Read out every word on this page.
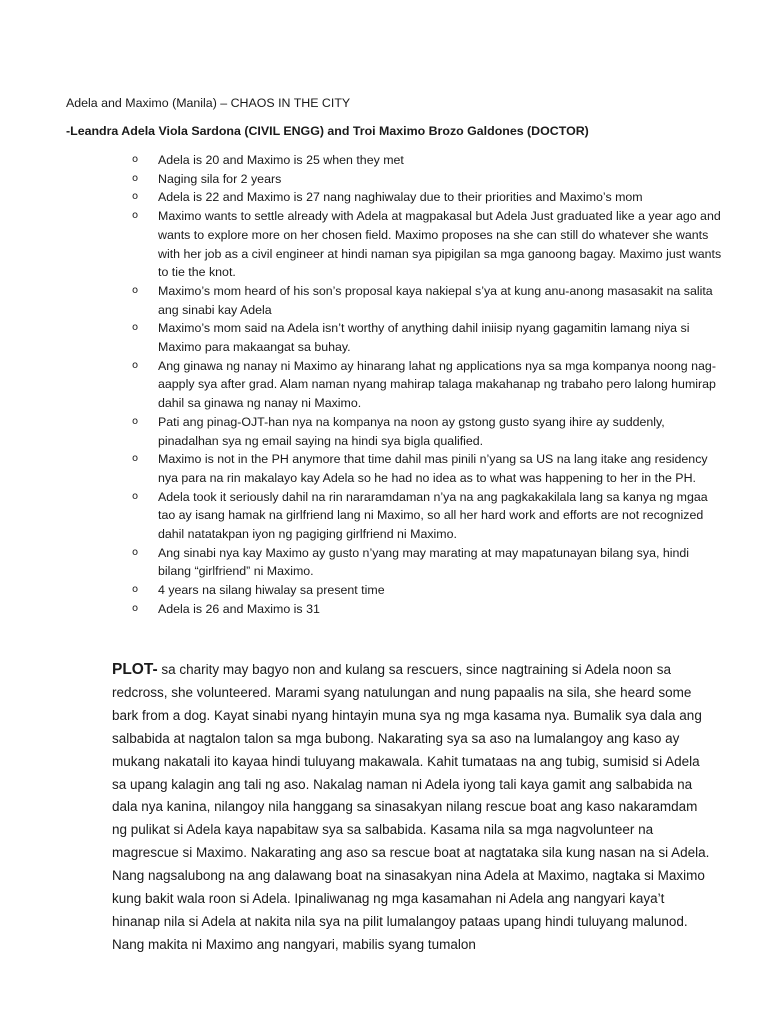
Adela and Maximo (Manila) – CHAOS IN THE CITY
-Leandra Adela Viola Sardona (CIVIL ENGG) and Troi Maximo Brozo Galdones (DOCTOR)
o Adela is 20 and Maximo is 25 when they met
o Naging sila for 2 years
o Adela is 22 and Maximo is 27 nang naghiwalay due to their priorities and Maximo’s mom
o Maximo wants to settle already with Adela at magpakasal but Adela Just graduated like a year ago and wants to explore more on her chosen field. Maximo proposes na she can still do whatever she wants with her job as a civil engineer at hindi naman sya pipigilan sa mga ganoong bagay. Maximo just wants to tie the knot.
o Maximo’s mom heard of his son’s proposal kaya nakiepal s’ya at kung anu-anong masasakit na salita ang sinabi kay Adela
o Maximo’s mom said na Adela isn’t worthy of anything dahil iniisip nyang gagamitin lamang niya si Maximo para makaangat sa buhay.
o Ang ginawa ng nanay ni Maximo ay hinarang lahat ng applications nya sa mga kompanya noong nag-aapply sya after grad. Alam naman nyang mahirap talaga makahanap ng trabaho pero lalong humirap dahil sa ginawa ng nanay ni Maximo.
o Pati ang pinag-OJT-han nya na kompanya na noon ay gstong gusto syang ihire ay suddenly, pinadalhan sya ng email saying na hindi sya bigla qualified.
o Maximo is not in the PH anymore that time dahil mas pinili n’yang sa US na lang itake ang residency nya para na rin makalayo kay Adela so he had no idea as to what was happening to her in the PH.
o Adela took it seriously dahil na rin nararamdaman n’ya na ang pagkakakilala lang sa kanya ng mgaa tao ay isang hamak na girlfriend lang ni Maximo, so all her hard work and efforts are not recognized dahil natatakpan iyon ng pagiging girlfriend ni Maximo.
o Ang sinabi nya kay Maximo ay gusto n’yang may marating at may mapatunayan bilang sya, hindi bilang “girlfriend” ni Maximo.
o 4 years na silang hiwalay sa present time
o Adela is 26 and Maximo is 31

PLOT- sa charity may bagyo non and kulang sa rescuers, since nagtraining si Adela noon sa redcross, she volunteered. Marami syang natulungan and nung papaalis na sila, she heard some bark from a dog. Kayat sinabi nyang hintayin muna sya ng mga kasama nya. Bumalik sya dala ang salbabida at nagtalon talon sa mga bubong. Nakarating sya sa aso na lumalangoy ang kaso ay mukang nakatali ito kayaa hindi tuluyang makawala. Kahit tumataas na ang tubig, sumisid si Adela sa upang kalagin ang tali ng aso. Nakalag naman ni Adela iyong tali kaya gamit ang salbabida na dala nya kanina, nilangoy nila hanggang sa sinasakyan nilang rescue boat ang kaso nakaramdam ng pulikat si Adela kaya napabitaw sya sa salbabida. Kasama nila sa mga nagvolunteer na magrescue si Maximo. Nakarating ang aso sa rescue boat at nagtataka sila kung nasan na si Adela. Nang nagsalubong na ang dalawang boat na sinasakyan nina Adela at Maximo, nagtaka si Maximo kung bakit wala roon si Adela. Ipinaliwanag ng mga kasamahan ni Adela ang nangyari kaya’t hinanap nila si Adela at nakita nila sya na pilit lumalangoy pataas upang hindi tuluyang malunod. Nang makita ni Maximo ang nangyari, mabilis syang tumalon
